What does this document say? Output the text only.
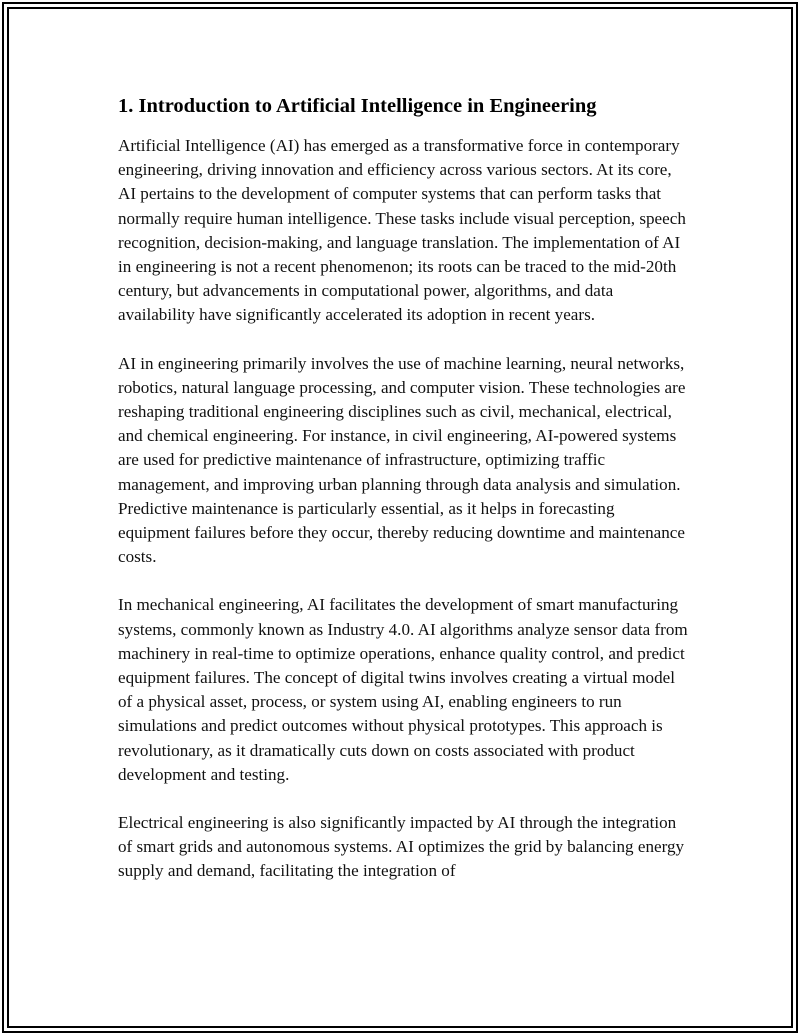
1. Introduction to Artificial Intelligence in Engineering

Artificial Intelligence (AI) has emerged as a transformative force in contemporary engineering, driving innovation and efficiency across various sectors. At its core, AI pertains to the development of computer systems that can perform tasks that normally require human intelligence. These tasks include visual perception, speech recognition, decision-making, and language translation. The implementation of AI in engineering is not a recent phenomenon; its roots can be traced to the mid-20th century, but advancements in computational power, algorithms, and data availability have significantly accelerated its adoption in recent years.

AI in engineering primarily involves the use of machine learning, neural networks, robotics, natural language processing, and computer vision. These technologies are reshaping traditional engineering disciplines such as civil, mechanical, electrical, and chemical engineering. For instance, in civil engineering, AI-powered systems are used for predictive maintenance of infrastructure, optimizing traffic management, and improving urban planning through data analysis and simulation. Predictive maintenance is particularly essential, as it helps in forecasting equipment failures before they occur, thereby reducing downtime and maintenance costs.

In mechanical engineering, AI facilitates the development of smart manufacturing systems, commonly known as Industry 4.0. AI algorithms analyze sensor data from machinery in real-time to optimize operations, enhance quality control, and predict equipment failures. The concept of digital twins involves creating a virtual model of a physical asset, process, or system using AI, enabling engineers to run simulations and predict outcomes without physical prototypes. This approach is revolutionary, as it dramatically cuts down on costs associated with product development and testing.

Electrical engineering is also significantly impacted by AI through the integration of smart grids and autonomous systems. AI optimizes the grid by balancing energy supply and demand, facilitating the integration of
